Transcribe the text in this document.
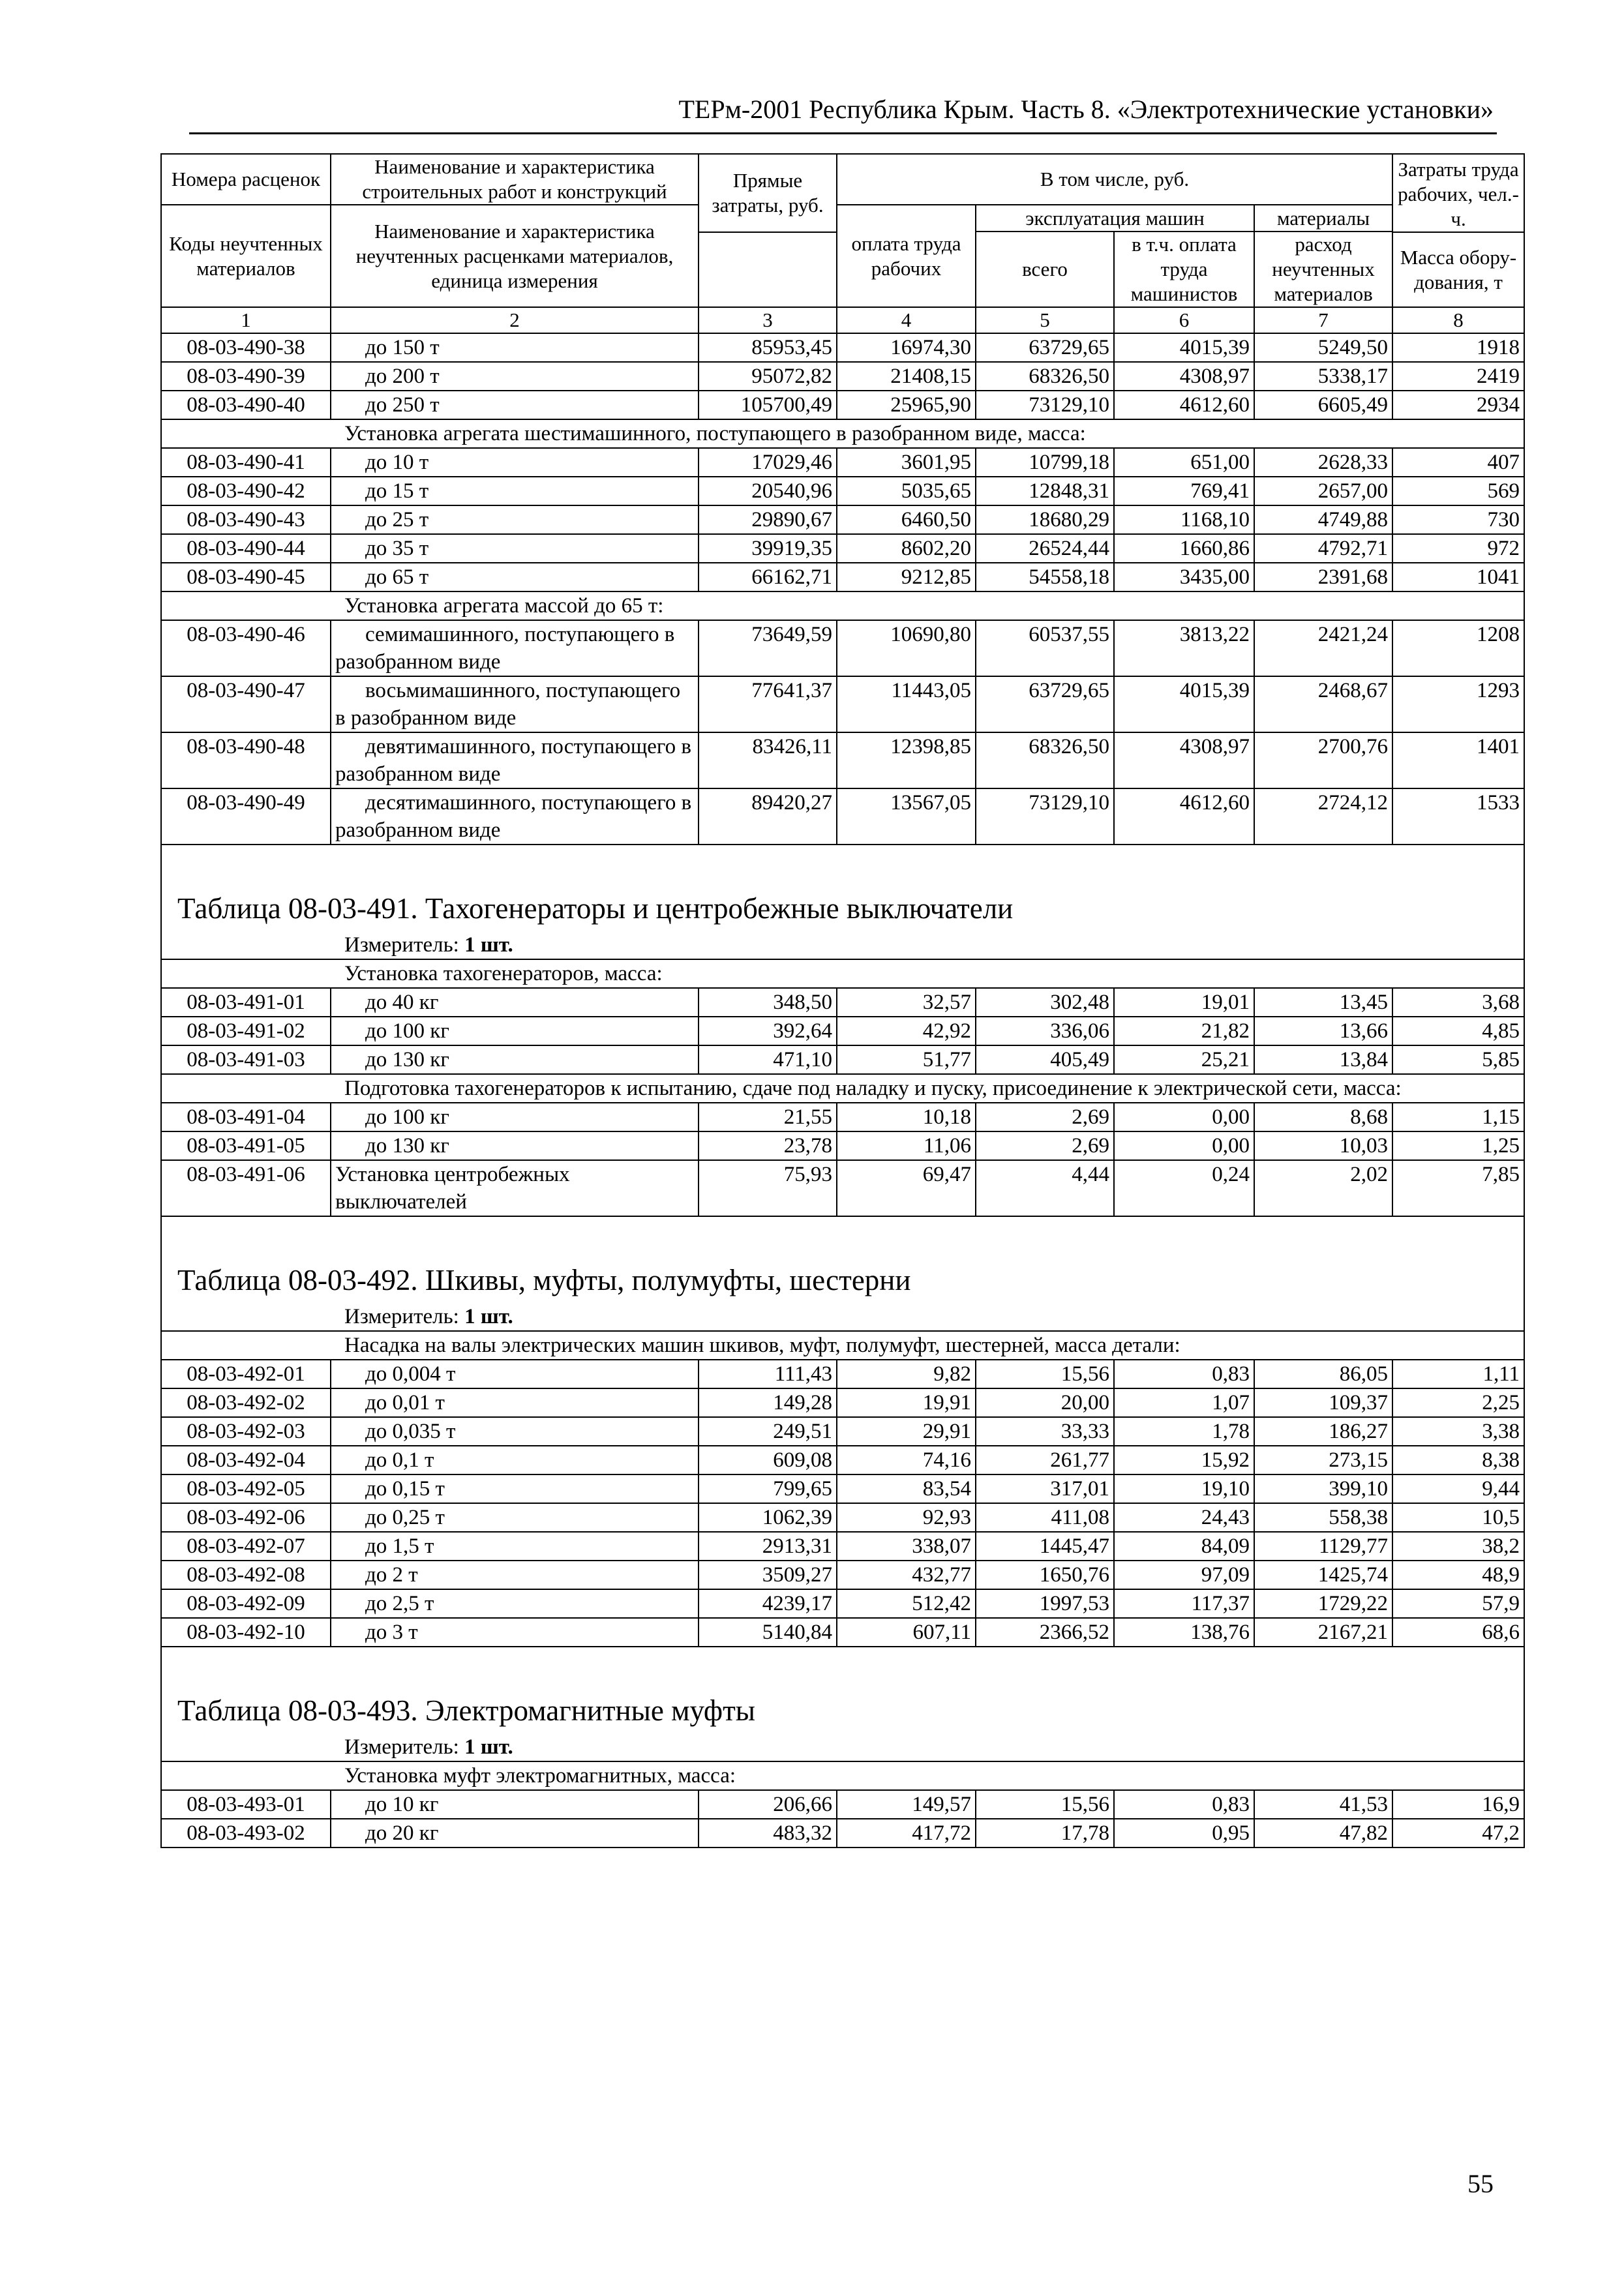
ТЕРм-2001 Республика Крым. Часть 8. «Электротехнические установки»
Номера расценок	Наименование и характеристика строительных работ и конструкций	Прямые затраты, руб.	В том числе, руб.				Затраты труда рабочих, чел.-ч.
Коды неучтенных материалов	Наименование и характеристика неучтенных расценками материалов, единица измерения		оплата труда рабочих	эксплуатация машин		материалы	
				всего	в т.ч. оплата труда машинистов	расход неучтенных материалов	
							Масса обору-дования, т
1	2	3	4	5	6	7	8
08-03-490-38	до 150 т	85953,45	16974,30	63729,65	4015,39	5249,50	1918
08-03-490-39	до 200 т	95072,82	21408,15	68326,50	4308,97	5338,17	2419
08-03-490-40	до 250 т	105700,49	25965,90	73129,10	4612,60	6605,49	2934
Установка агрегата шестимашинного, поступающего в разобранном виде, масса:							
08-03-490-41	до 10 т	17029,46	3601,95	10799,18	651,00	2628,33	407
08-03-490-42	до 15 т	20540,96	5035,65	12848,31	769,41	2657,00	569
08-03-490-43	до 25 т	29890,67	6460,50	18680,29	1168,10	4749,88	730
08-03-490-44	до 35 т	39919,35	8602,20	26524,44	1660,86	4792,71	972
08-03-490-45	до 65 т	66162,71	9212,85	54558,18	3435,00	2391,68	1041
Установка агрегата массой до 65 т:							
08-03-490-46	семимашинного, поступающего в разобранном виде	73649,59	10690,80	60537,55	3813,22	2421,24	1208
08-03-490-47	восьмимашинного, поступающего в разобранном виде	77641,37	11443,05	63729,65	4015,39	2468,67	1293
08-03-490-48	девятимашинного, поступающего в разобранном виде	83426,11	12398,85	68326,50	4308,97	2700,76	1401
08-03-490-49	десятимашинного, поступающего в разобранном виде	89420,27	13567,05	73129,10	4612,60	2724,12	1533
Таблица 08-03-491. Тахогенераторы и центробежные выключатели							
Измеритель: 1 шт.							
Установка тахогенераторов, масса:							
08-03-491-01	до 40 кг	348,50	32,57	302,48	19,01	13,45	3,68
08-03-491-02	до 100 кг	392,64	42,92	336,06	21,82	13,66	4,85
08-03-491-03	до 130 кг	471,10	51,77	405,49	25,21	13,84	5,85
Подготовка тахогенераторов к испытанию, сдаче под наладку и пуску, присоединение к электрической сети, масса:							
08-03-491-04	до 100 кг	21,55	10,18	2,69	0,00	8,68	1,15
08-03-491-05	до 130 кг	23,78	11,06	2,69	0,00	10,03	1,25
08-03-491-06	Установка центробежных выключателей	75,93	69,47	4,44	0,24	2,02	7,85
Таблица 08-03-492. Шкивы, муфты, полумуфты, шестерни							
Измеритель: 1 шт.							
Насадка на валы электрических машин шкивов, муфт, полумуфт, шестерней, масса детали:							
08-03-492-01	до 0,004 т	111,43	9,82	15,56	0,83	86,05	1,11
08-03-492-02	до 0,01 т	149,28	19,91	20,00	1,07	109,37	2,25
08-03-492-03	до 0,035 т	249,51	29,91	33,33	1,78	186,27	3,38
08-03-492-04	до 0,1 т	609,08	74,16	261,77	15,92	273,15	8,38
08-03-492-05	до 0,15 т	799,65	83,54	317,01	19,10	399,10	9,44
08-03-492-06	до 0,25 т	1062,39	92,93	411,08	24,43	558,38	10,5
08-03-492-07	до 1,5 т	2913,31	338,07	1445,47	84,09	1129,77	38,2
08-03-492-08	до 2 т	3509,27	432,77	1650,76	97,09	1425,74	48,9
08-03-492-09	до 2,5 т	4239,17	512,42	1997,53	117,37	1729,22	57,9
08-03-492-10	до 3 т	5140,84	607,11	2366,52	138,76	2167,21	68,6
Таблица 08-03-493. Электромагнитные муфты							
Измеритель: 1 шт.							
Установка муфт электромагнитных, масса:							
08-03-493-01	до 10 кг	206,66	149,57	15,56	0,83	41,53	16,9
08-03-493-02	до 20 кг	483,32	417,72	17,78	0,95	47,82	47,2
55
